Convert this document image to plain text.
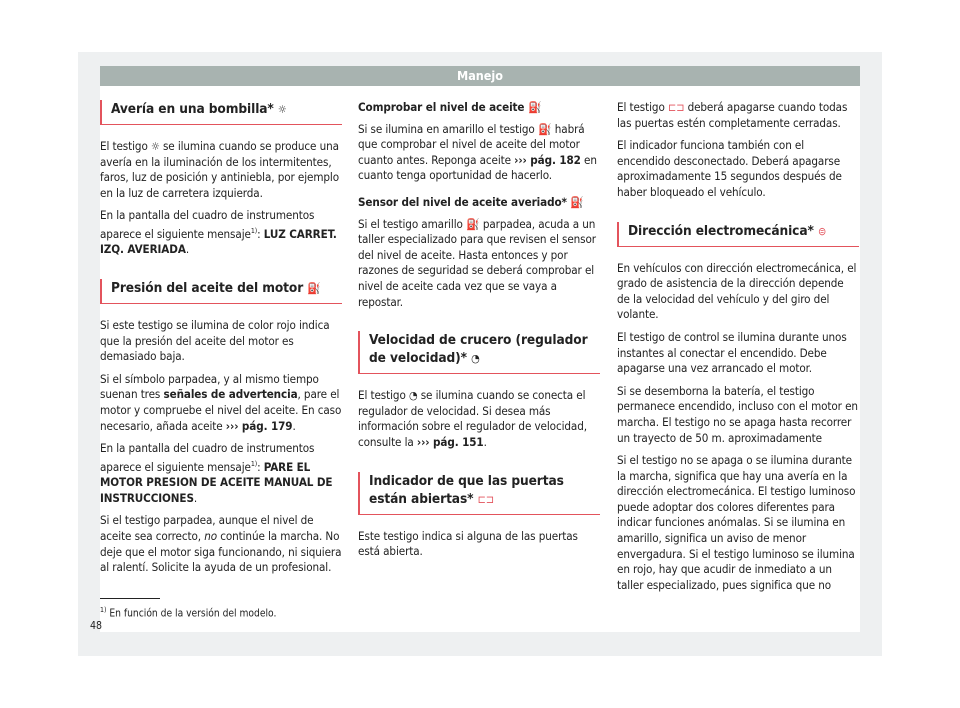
Manejo
Avería en una bombilla* ☼

El testigo ☼ se ilumina cuando se produce una avería en la iluminación de los intermitentes, faros, luz de posición y antiniebla, por ejemplo en la luz de carretera izquierda.

En la pantalla del cuadro de instrumentos aparece el siguiente mensaje$^{1)}$: LUZ CARRET. IZQ. AVERIADA.

Presión del aceite del motor ⛽

Si este testigo se ilumina de color rojo indica que la presión del aceite del motor es demasiado baja.

Si el símbolo parpadea, y al mismo tiempo suenan tres señales de advertencia, pare el motor y compruebe el nivel del aceite. En caso necesario, añada aceite ››› pág. 179.

En la pantalla del cuadro de instrumentos aparece el siguiente mensaje$^{1)}$: PARE EL MOTOR PRESION DE ACEITE MANUAL DE INSTRUCCIONES.

Si el testigo parpadea, aunque el nivel de aceite sea correcto, no continúe la marcha. No deje que el motor siga funcionando, ni siquiera al ralentí. Solicite la ayuda de un profesional.

Comprobar el nivel de aceite ⛽

Si se ilumina en amarillo el testigo ⛽ habrá que comprobar el nivel de aceite del motor cuanto antes. Reponga aceite ››› pág. 182 en cuanto tenga oportunidad de hacerlo.

Sensor del nivel de aceite averiado* ⛽

Si el testigo amarillo ⛽ parpadea, acuda a un taller especializado para que revisen el sensor del nivel de aceite. Hasta entonces y por razones de seguridad se deberá comprobar el nivel de aceite cada vez que se vaya a repostar.

Velocidad de crucero (regulador de velocidad)* ◔

El testigo ◔ se ilumina cuando se conecta el regulador de velocidad. Si desea más información sobre el regulador de velocidad, consulte la ››› pág. 151.

Indicador de que las puertas están abiertas* ⊏⊐

Este testigo indica si alguna de las puertas está abierta.

El testigo ⊏⊐ deberá apagarse cuando todas las puertas estén completamente cerradas.

El indicador funciona también con el encendido desconectado. Deberá apagarse aproximadamente 15 segundos después de haber bloqueado el vehículo.

Dirección electromecánica* ⊜

En vehículos con dirección electromecánica, el grado de asistencia de la dirección depende de la velocidad del vehículo y del giro del volante.

El testigo de control se ilumina durante unos instantes al conectar el encendido. Debe apagarse una vez arrancado el motor.

Si se desemborna la batería, el testigo permanece encendido, incluso con el motor en marcha. El testigo no se apaga hasta recorrer un trayecto de 50 m. aproximadamente

Si el testigo no se apaga o se ilumina durante la marcha, significa que hay una avería en la dirección electromecánica. El testigo luminoso puede adoptar dos colores diferentes para indicar funciones anómalas. Si se ilumina en amarillo, significa un aviso de menor envergadura. Si el testigo luminoso se ilumina en rojo, hay que acudir de inmediato a un taller especializado, pues significa que no

$^{1)}$ En función de la versión del modelo.
48
